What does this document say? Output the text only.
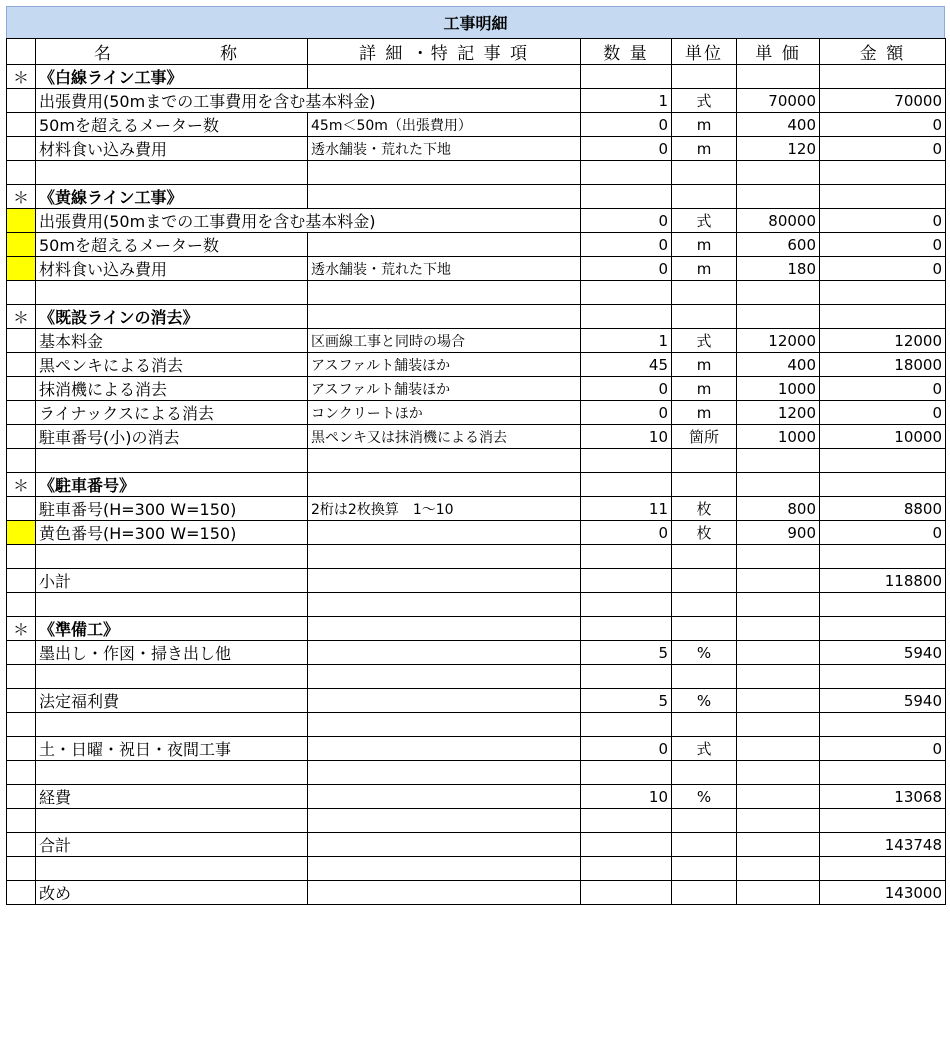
工事明細

	名 称	詳 細 ・特 記 事 項	数 量	単位	単 価	金 額
＊	《白線ライン工事》					
	出張費用(50mまでの工事費用を含む基本料金)		1	式	70000	70000
	50mを超えるメーター数	45m＜50m（出張費用）	0	m	400	0
	材料食い込み費用	透水舗装・荒れた下地	0	m	120	0

＊	《黄線ライン工事》					
	出張費用(50mまでの工事費用を含む基本料金)		0	式	80000	0
	50mを超えるメーター数		0	m	600	0
	材料食い込み費用	透水舗装・荒れた下地	0	m	180	0

＊	《既設ラインの消去》					
	基本料金	区画線工事と同時の場合	1	式	12000	12000
	黒ペンキによる消去	アスファルト舗装ほか	45	m	400	18000
	抹消機による消去	アスファルト舗装ほか	0	m	1000	0
	ライナックスによる消去	コンクリートほか	0	m	1200	0
	駐車番号(小)の消去	黒ペンキ又は抹消機による消去	10	箇所	1000	10000

＊	《駐車番号》					
	駐車番号(H=300 W=150)	2桁は2枚換算　1～10	11	枚	800	8800
	黄色番号(H=300 W=150)		0	枚	900	0

	小計					118800

＊	《準備工》					
	墨出し・作図・掃き出し他		5	%		5940

	法定福利費		5	%		5940

	土・日曜・祝日・夜間工事		0	式		0

	経費		10	%		13068

	合計					143748

	改め					143000
